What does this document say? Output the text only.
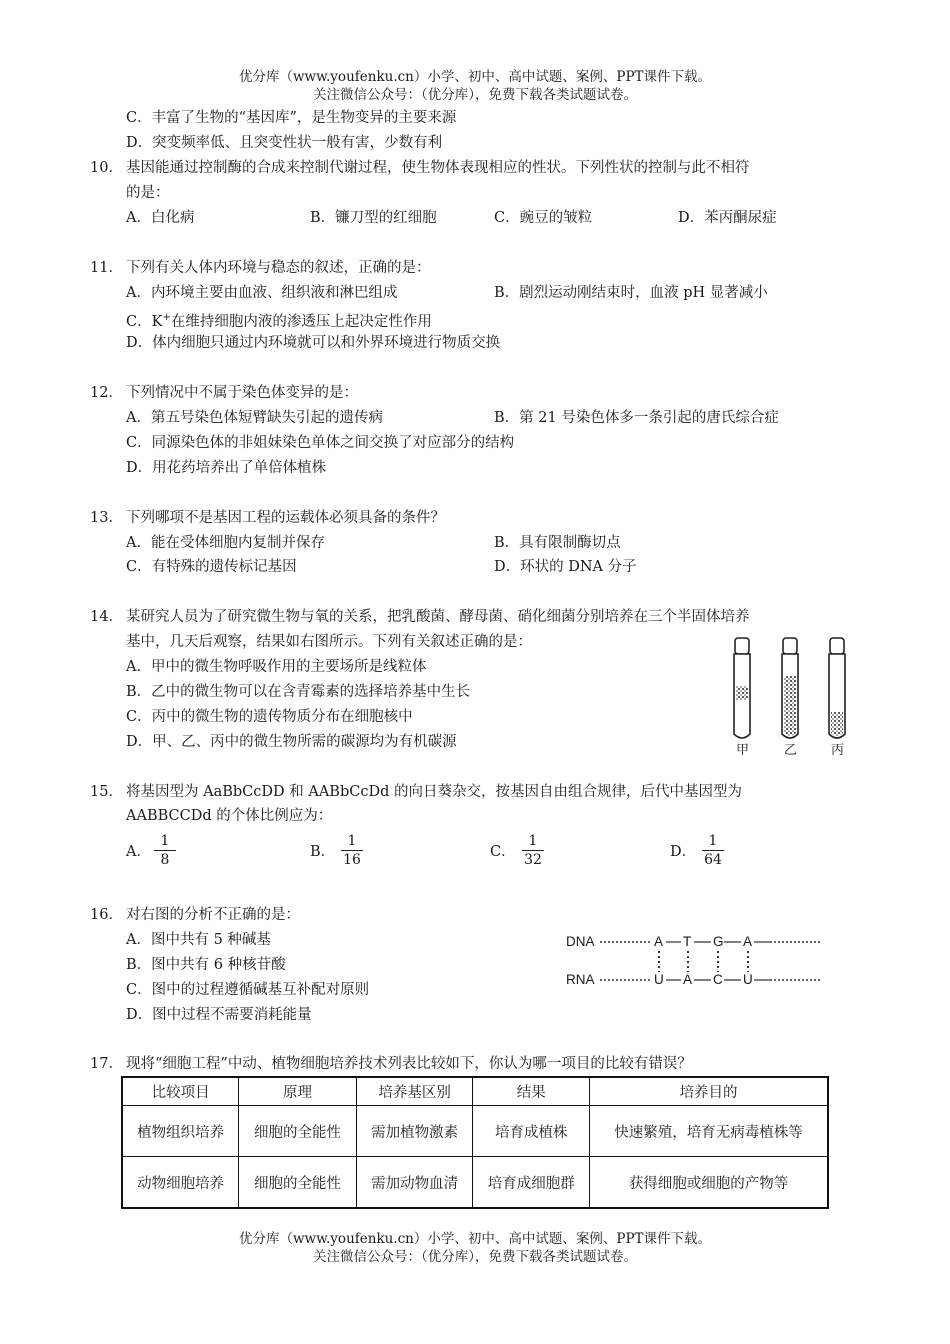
优分库（www.youfenku.cn）小学、初中、高中试题、案例、PPT课件下载。
关注微信公众号：（优分库），免费下载各类试题试卷。
C．丰富了生物的“基因库”，是生物变异的主要来源
D．突变频率低、且突变性状一般有害，少数有利
10． 基因能通过控制酶的合成来控制代谢过程，使生物体表现相应的性状。下列性状的控制与此不相符
的是：
A．白化病	B．镰刀型的红细胞	C．豌豆的皱粒	D．苯丙酮尿症
11． 下列有关人体内环境与稳态的叙述，正确的是：
A．内环境主要由血液、组织液和淋巴组成	B．剧烈运动刚结束时，血液 pH 显著减小
C．K+在维持细胞内液的渗透压上起决定性作用
D．体内细胞只通过内环境就可以和外界环境进行物质交换
12． 下列情况中不属于染色体变异的是：
A．第五号染色体短臂缺失引起的遗传病	B．第 21 号染色体多一条引起的唐氏综合症
C．同源染色体的非姐妹染色单体之间交换了对应部分的结构
D．用花药培养出了单倍体植株
13． 下列哪项不是基因工程的运载体必须具备的条件？
A．能在受体细胞内复制并保存	B．具有限制酶切点
C．有特殊的遗传标记基因	D．环状的 DNA 分子
14． 某研究人员为了研究微生物与氧的关系，把乳酸菌、酵母菌、硝化细菌分别培养在三个半固体培养
基中，几天后观察，结果如右图所示。下列有关叙述正确的是：
A．甲中的微生物呼吸作用的主要场所是线粒体
B．乙中的微生物可以在含青霉素的选择培养基中生长
C．丙中的微生物的遗传物质分布在细胞核中
D．甲、乙、丙中的微生物所需的碳源均为有机碳源
甲	乙	丙
15． 将基因型为 AaBbCcDD 和 AABbCcDd 的向日葵杂交，按基因自由组合规律，后代中基因型为
AABBCCDd 的个体比例应为：
A． $\frac{1}{8}$	B． $\frac{1}{16}$	C． $\frac{1}{32}$	D． $\frac{1}{64}$
16． 对右图的分析不正确的是：
A．图中共有 5 种碱基
B．图中共有 6 种核苷酸
C．图中的过程遵循碱基互补配对原则
D．图中过程不需要消耗能量
DNA
RNA
A T G A
U A C U
17． 现将“细胞工程”中动、植物细胞培养技术列表比较如下，你认为哪一项目的比较有错误？
比较项目	原理	培养基区别	结果	培养目的
植物组织培养	细胞的全能性	需加植物激素	培育成植株	快速繁殖，培育无病毒植株等
动物细胞培养	细胞的全能性	需加动物血清	培育成细胞群	获得细胞或细胞的产物等
优分库（www.youfenku.cn）小学、初中、高中试题、案例、PPT课件下载。
关注微信公众号：（优分库），免费下载各类试题试卷。
